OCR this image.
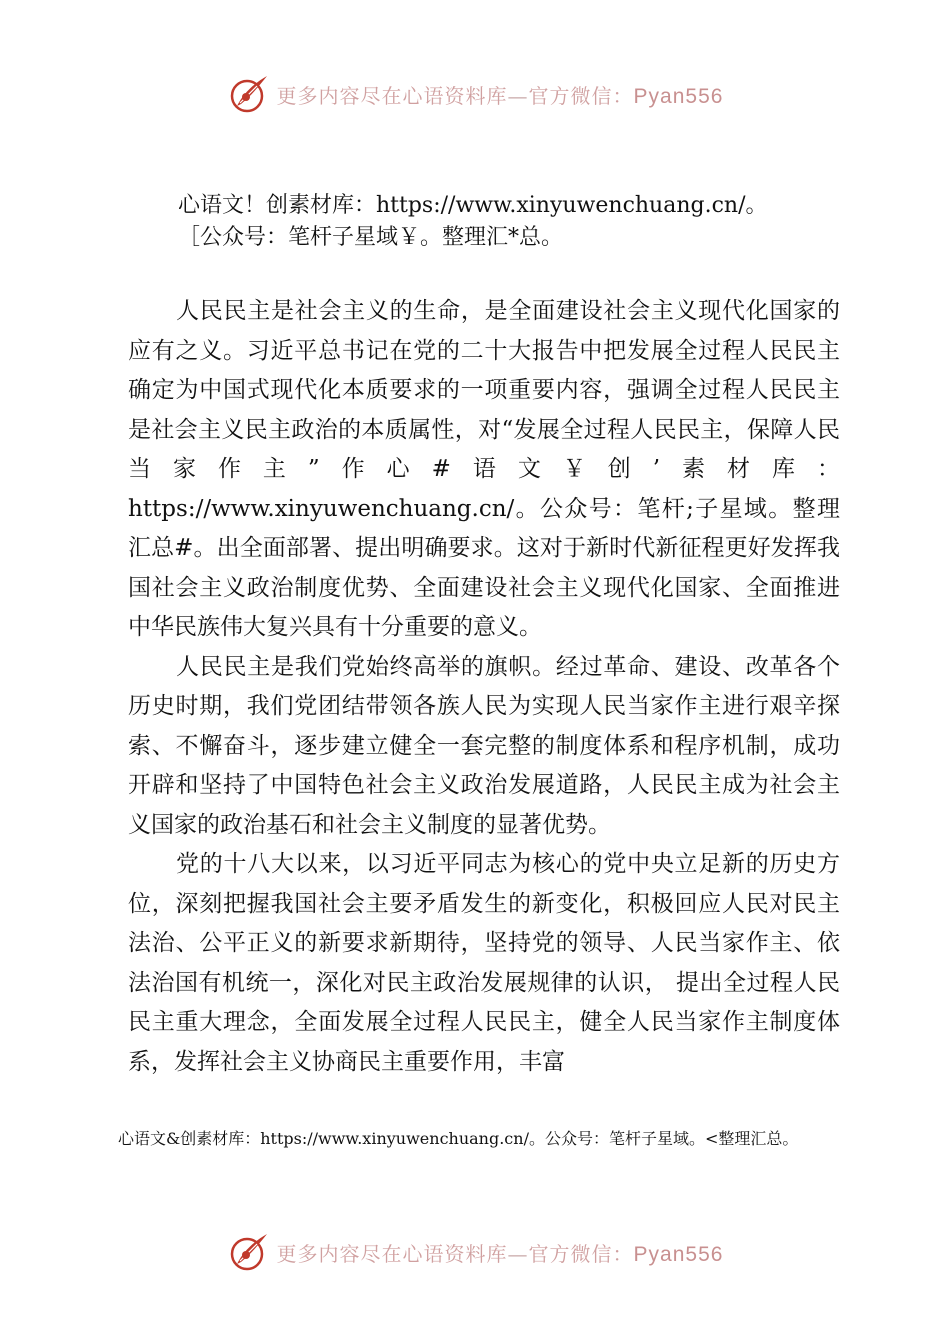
更多内容尽在心语资料库—官方微信：Pyan556
心语文！创素材库：https://www.xinyuwenchuang.cn/。
［公众号：笔杆子星域￥。整理汇*总。

人民民主是社会主义的生命，是全面建设社会主义现代化国家的应有之义。习近平总书记在党的二十大报告中把发展全过程人民民主确定为中国式现代化本质要求的一项重要内容，强调全过程人民民主是社会主义民主政治的本质属性，对“发展全过程人民民主，保障人民当家作主”作心#语文￥创’素材库：https://www.xinyuwenchuang.cn/。公众号：笔杆;子星域。整理汇总#。出全面部署、提出明确要求。这对于新时代新征程更好发挥我国社会主义政治制度优势、全面建设社会主义现代化国家、全面推进中华民族伟大复兴具有十分重要的意义。

人民民主是我们党始终高举的旗帜。经过革命、建设、改革各个历史时期，我们党团结带领各族人民为实现人民当家作主进行艰辛探索、不懈奋斗，逐步建立健全一套完整的制度体系和程序机制，成功开辟和坚持了中国特色社会主义政治发展道路，人民民主成为社会主义国家的政治基石和社会主义制度的显著优势。

党的十八大以来，以习近平同志为核心的党中央立足新的历史方位，深刻把握我国社会主要矛盾发生的新变化，积极回应人民对民主法治、公平正义的新要求新期待，坚持党的领导、人民当家作主、依法治国有机统一，深化对民主政治发展规律的认识， 提出全过程人民民主重大理念，全面发展全过程人民民主，健全人民当家作主制度体系，发挥社会主义协商民主重要作用，丰富

心语文&创素材库：https://www.xinyuwenchuang.cn/。公众号：笔杆子星域。<整理汇总。
更多内容尽在心语资料库—官方微信：Pyan556
